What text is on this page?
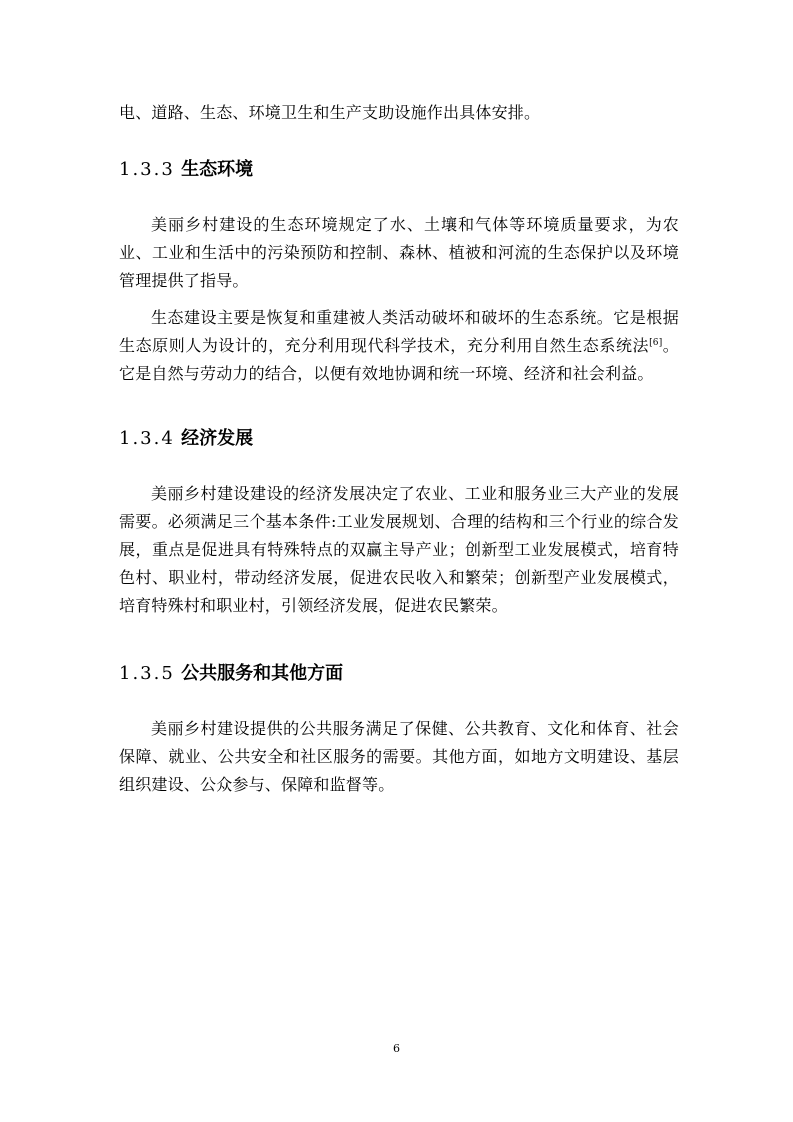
电、道路、生态、环境卫生和生产支助设施作出具体安排。

1.3.3 生态环境

美丽乡村建设的生态环境规定了水、土壤和气体等环境质量要求，为农业、工业和生活中的污染预防和控制、森林、植被和河流的生态保护以及环境管理提供了指导。

生态建设主要是恢复和重建被人类活动破坏和破坏的生态系统。它是根据生态原则人为设计的，充分利用现代科学技术，充分利用自然生态系统法[6]。它是自然与劳动力的结合，以便有效地协调和统一环境、经济和社会利益。

1.3.4 经济发展

美丽乡村建设建设的经济发展决定了农业、工业和服务业三大产业的发展需要。必须满足三个基本条件:工业发展规划、合理的结构和三个行业的综合发展，重点是促进具有特殊特点的双赢主导产业；创新型工业发展模式，培育特色村、职业村，带动经济发展，促进农民收入和繁荣；创新型产业发展模式，培育特殊村和职业村，引领经济发展，促进农民繁荣。

1.3.5 公共服务和其他方面

美丽乡村建设提供的公共服务满足了保健、公共教育、文化和体育、社会保障、就业、公共安全和社区服务的需要。其他方面，如地方文明建设、基层组织建设、公众参与、保障和监督等。

6
